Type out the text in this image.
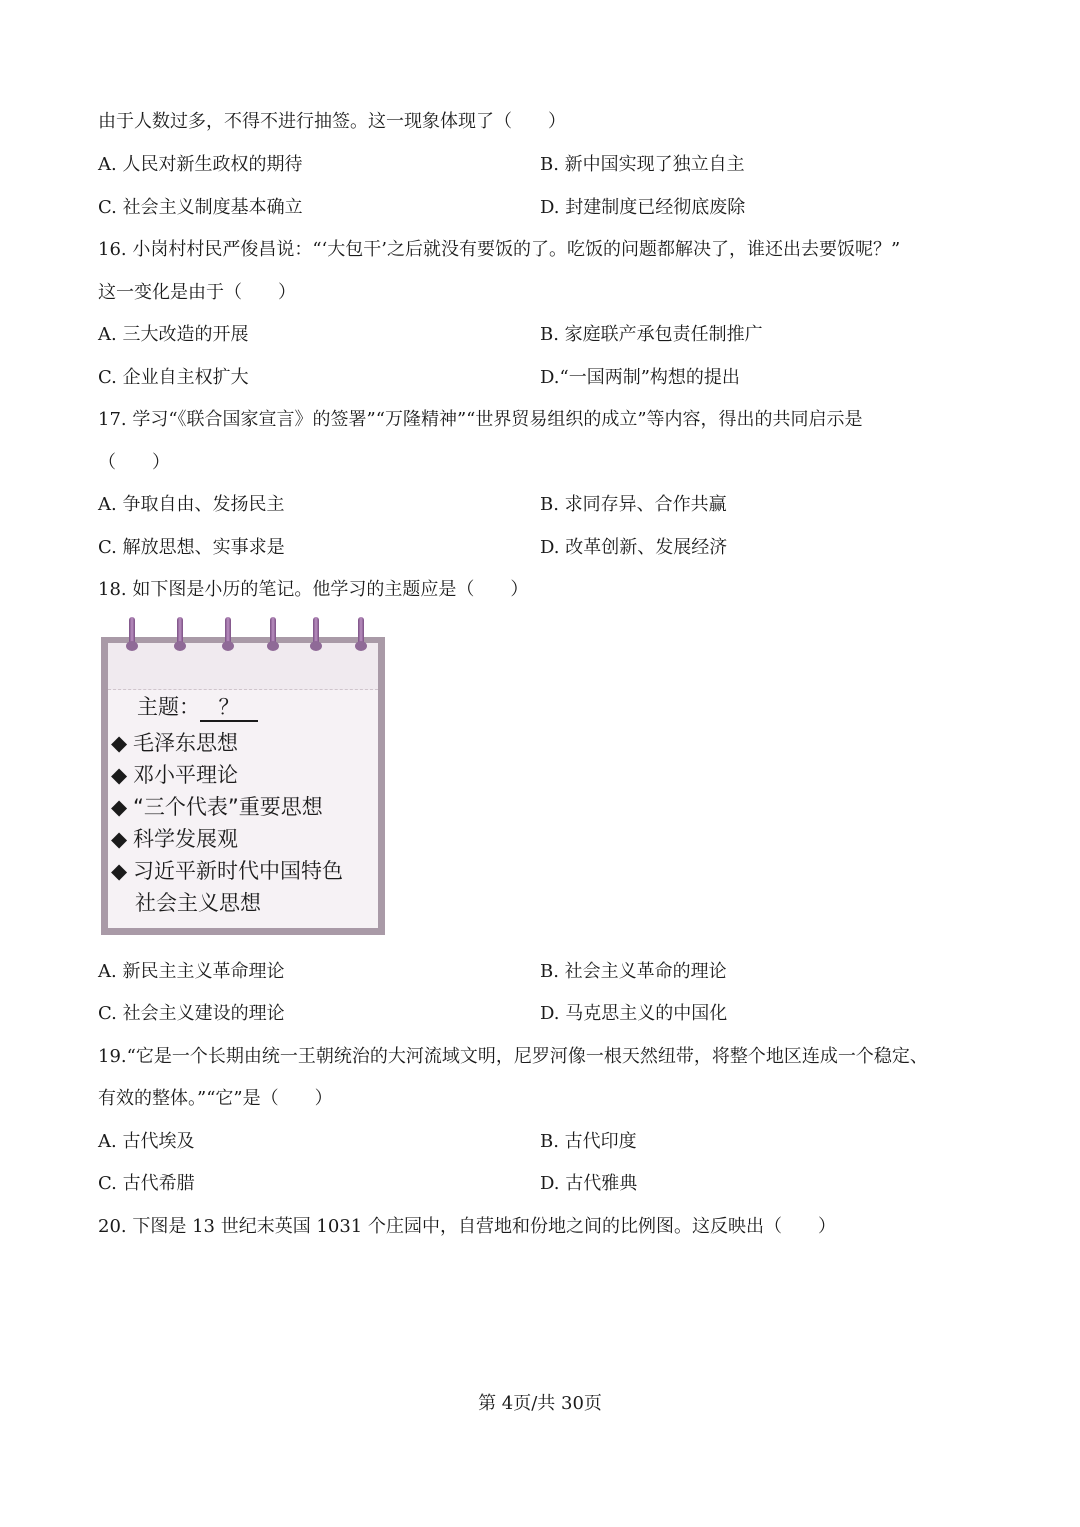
由于人数过多，不得不进行抽签。这一现象体现了（　　）
A. 人民对新生政权的期待	B. 新中国实现了独立自主
C. 社会主义制度基本确立	D. 封建制度已经彻底废除
16. 小岗村村民严俊昌说：“‘大包干’之后就没有要饭的了。吃饭的问题都解决了，谁还出去要饭呢？”
这一变化是由于（　　）
A. 三大改造的开展	B. 家庭联产承包责任制推广
C. 企业自主权扩大	D.“一国两制”构想的提出
17. 学习“《联合国家宣言》的签署”“万隆精神”“世界贸易组织的成立”等内容，得出的共同启示是
（　　）
A. 争取自由、发扬民主	B. 求同存异、合作共赢
C. 解放思想、实事求是	D. 改革创新、发展经济
18. 如下图是小历的笔记。他学习的主题应是（　　）
主题： ？
◆ 毛泽东思想
◆ 邓小平理论
◆ “三个代表”重要思想
◆ 科学发展观
◆ 习近平新时代中国特色
社会主义思想
A. 新民主主义革命理论	B. 社会主义革命的理论
C. 社会主义建设的理论	D. 马克思主义的中国化
19.“它是一个长期由统一王朝统治的大河流域文明，尼罗河像一根天然纽带，将整个地区连成一个稳定、
有效的整体。”“它”是（　　）
A. 古代埃及	B. 古代印度
C. 古代希腊	D. 古代雅典
20. 下图是 13 世纪末英国 1031 个庄园中，自营地和份地之间的比例图。这反映出（　　）
第 4页/共 30页
